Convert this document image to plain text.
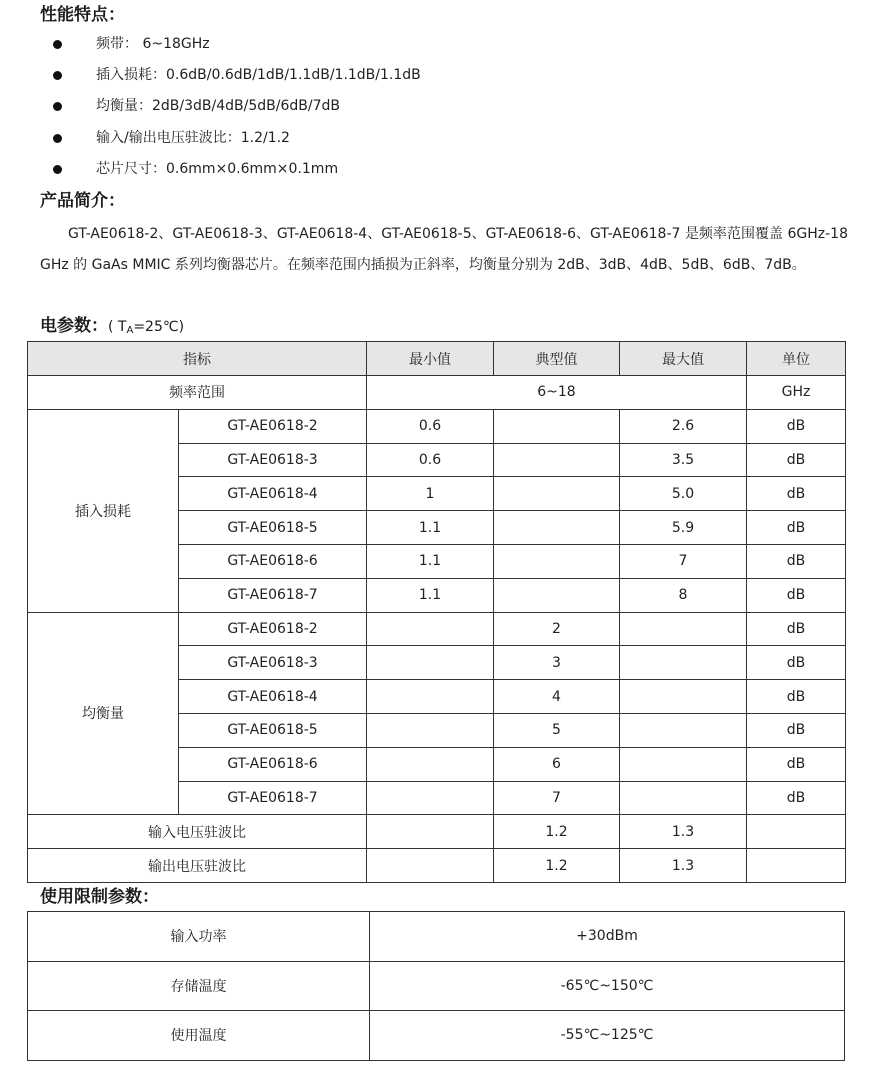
性能特点：
频带： 6~18GHz
插入损耗：0.6dB/0.6dB/1dB/1.1dB/1.1dB/1.1dB
均衡量：2dB/3dB/4dB/5dB/6dB/7dB
输入/输出电压驻波比：1.2/1.2
芯片尺寸：0.6mm×0.6mm×0.1mm
产品简介：

GT-AE0618-2、GT-AE0618-3、GT-AE0618-4、GT-AE0618-5、GT-AE0618-6、GT-AE0618-7 是频率范围覆盖 6GHz-18GHz 的 GaAs MMIC 系列均衡器芯片。在频率范围内插损为正斜率，均衡量分别为 2dB、3dB、4dB、5dB、6dB、7dB。

电参数：( $T_A=25℃$)
指标		最小值	典型值	最大值	单位
频率范围		6~18			GHz
插入损耗	GT-AE0618-2	0.6		2.6	dB
	GT-AE0618-3	0.6		3.5	dB
	GT-AE0618-4	1		5.0	dB
	GT-AE0618-5	1.1		5.9	dB
	GT-AE0618-6	1.1		7	dB
	GT-AE0618-7	1.1		8	dB
均衡量	GT-AE0618-2		2		dB
	GT-AE0618-3		3		dB
	GT-AE0618-4		4		dB
	GT-AE0618-5		5		dB
	GT-AE0618-6		6		dB
	GT-AE0618-7		7		dB
输入电压驻波比			1.2	1.3	
输出电压驻波比			1.2	1.3	
使用限制参数：
输入功率	+30dBm
存储温度	-65℃~150℃
使用温度	-55℃~125℃
